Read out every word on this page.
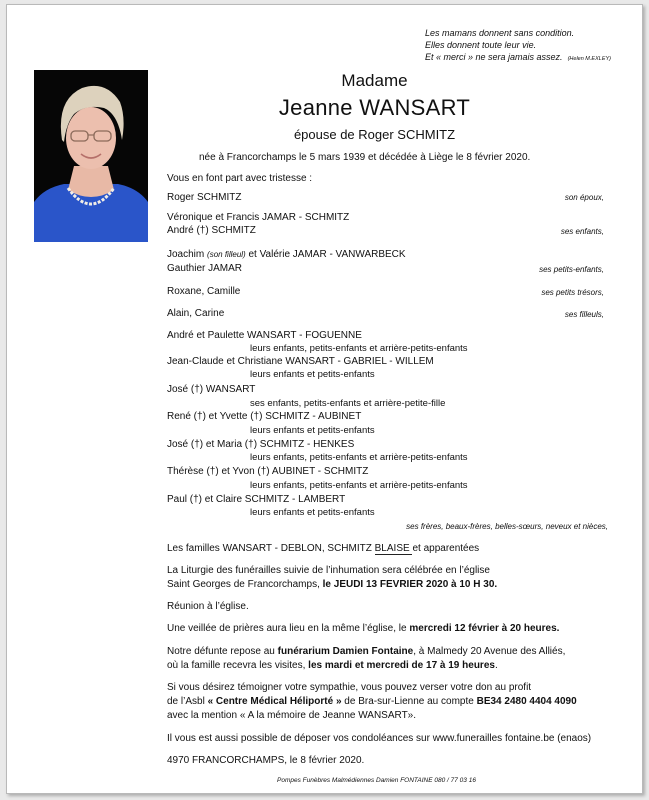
Les mamans donnent sans condition.
Elles donnent toute leur vie.
Et « merci » ne sera jamais assez. (Helen M.EXLEY)
Madame
Jeanne WANSART
épouse de Roger SCHMITZ
née à Francorchamps le 5 mars 1939 et décédée à Liège le 8 février 2020.
Vous en font part avec tristesse :
Roger SCHMITZ	son époux,
Véronique et Francis JAMAR - SCHMITZ
André (†) SCHMITZ	ses enfants,
Joachim (son filleul) et Valérie JAMAR - VANWARBECK
Gauthier JAMAR	ses petits-enfants,
Roxane, Camille	ses petits trésors,
Alain, Carine	ses filleuls,
André et Paulette WANSART - FOGUENNE
leurs enfants, petits-enfants et arrière-petits-enfants
Jean-Claude et Christiane WANSART - GABRIEL - WILLEM
leurs enfants et petits-enfants
José (†) WANSART
ses enfants, petits-enfants et arrière-petite-fille
René (†) et Yvette (†) SCHMITZ - AUBINET
leurs enfants et petits-enfants
José (†) et Maria (†) SCHMITZ - HENKES
leurs enfants, petits-enfants et arrière-petits-enfants
Thérèse (†) et Yvon (†) AUBINET - SCHMITZ
leurs enfants, petits-enfants et arrière-petits-enfants
Paul (†) et Claire SCHMITZ - LAMBERT
leurs enfants et petits-enfants
ses frères, beaux-frères, belles-sœurs, neveux et nièces,
Les familles WANSART - DEBLON, SCHMITZ BLAISE et apparentées
La Liturgie des funérailles suivie de l’inhumation sera célébrée en l’église
Saint Georges de Francorchamps, le JEUDI 13 FEVRIER 2020 à 10 H 30.
Réunion à l’église.
Une veillée de prières aura lieu en la même l’église, le mercredi 12 février à 20 heures.
Notre défunte repose au funérarium Damien Fontaine, à Malmedy 20 Avenue des Alliés,
où la famille recevra les visites, les mardi et mercredi de 17 à 19 heures.
Si vous désirez témoigner votre sympathie, vous pouvez verser votre don au profit
de l’Asbl « Centre Médical Héliporté » de Bra-sur-Lienne au compte BE34 2480 4404 4090
avec la mention « A la mémoire de Jeanne WANSART».
Il vous est aussi possible de déposer vos condoléances sur www.funerailles fontaine.be (enaos)
4970 FRANCORCHAMPS, le 8 février 2020.
Pompes Funèbres Malmédiennes Damien FONTAINE 080 / 77 03 16
